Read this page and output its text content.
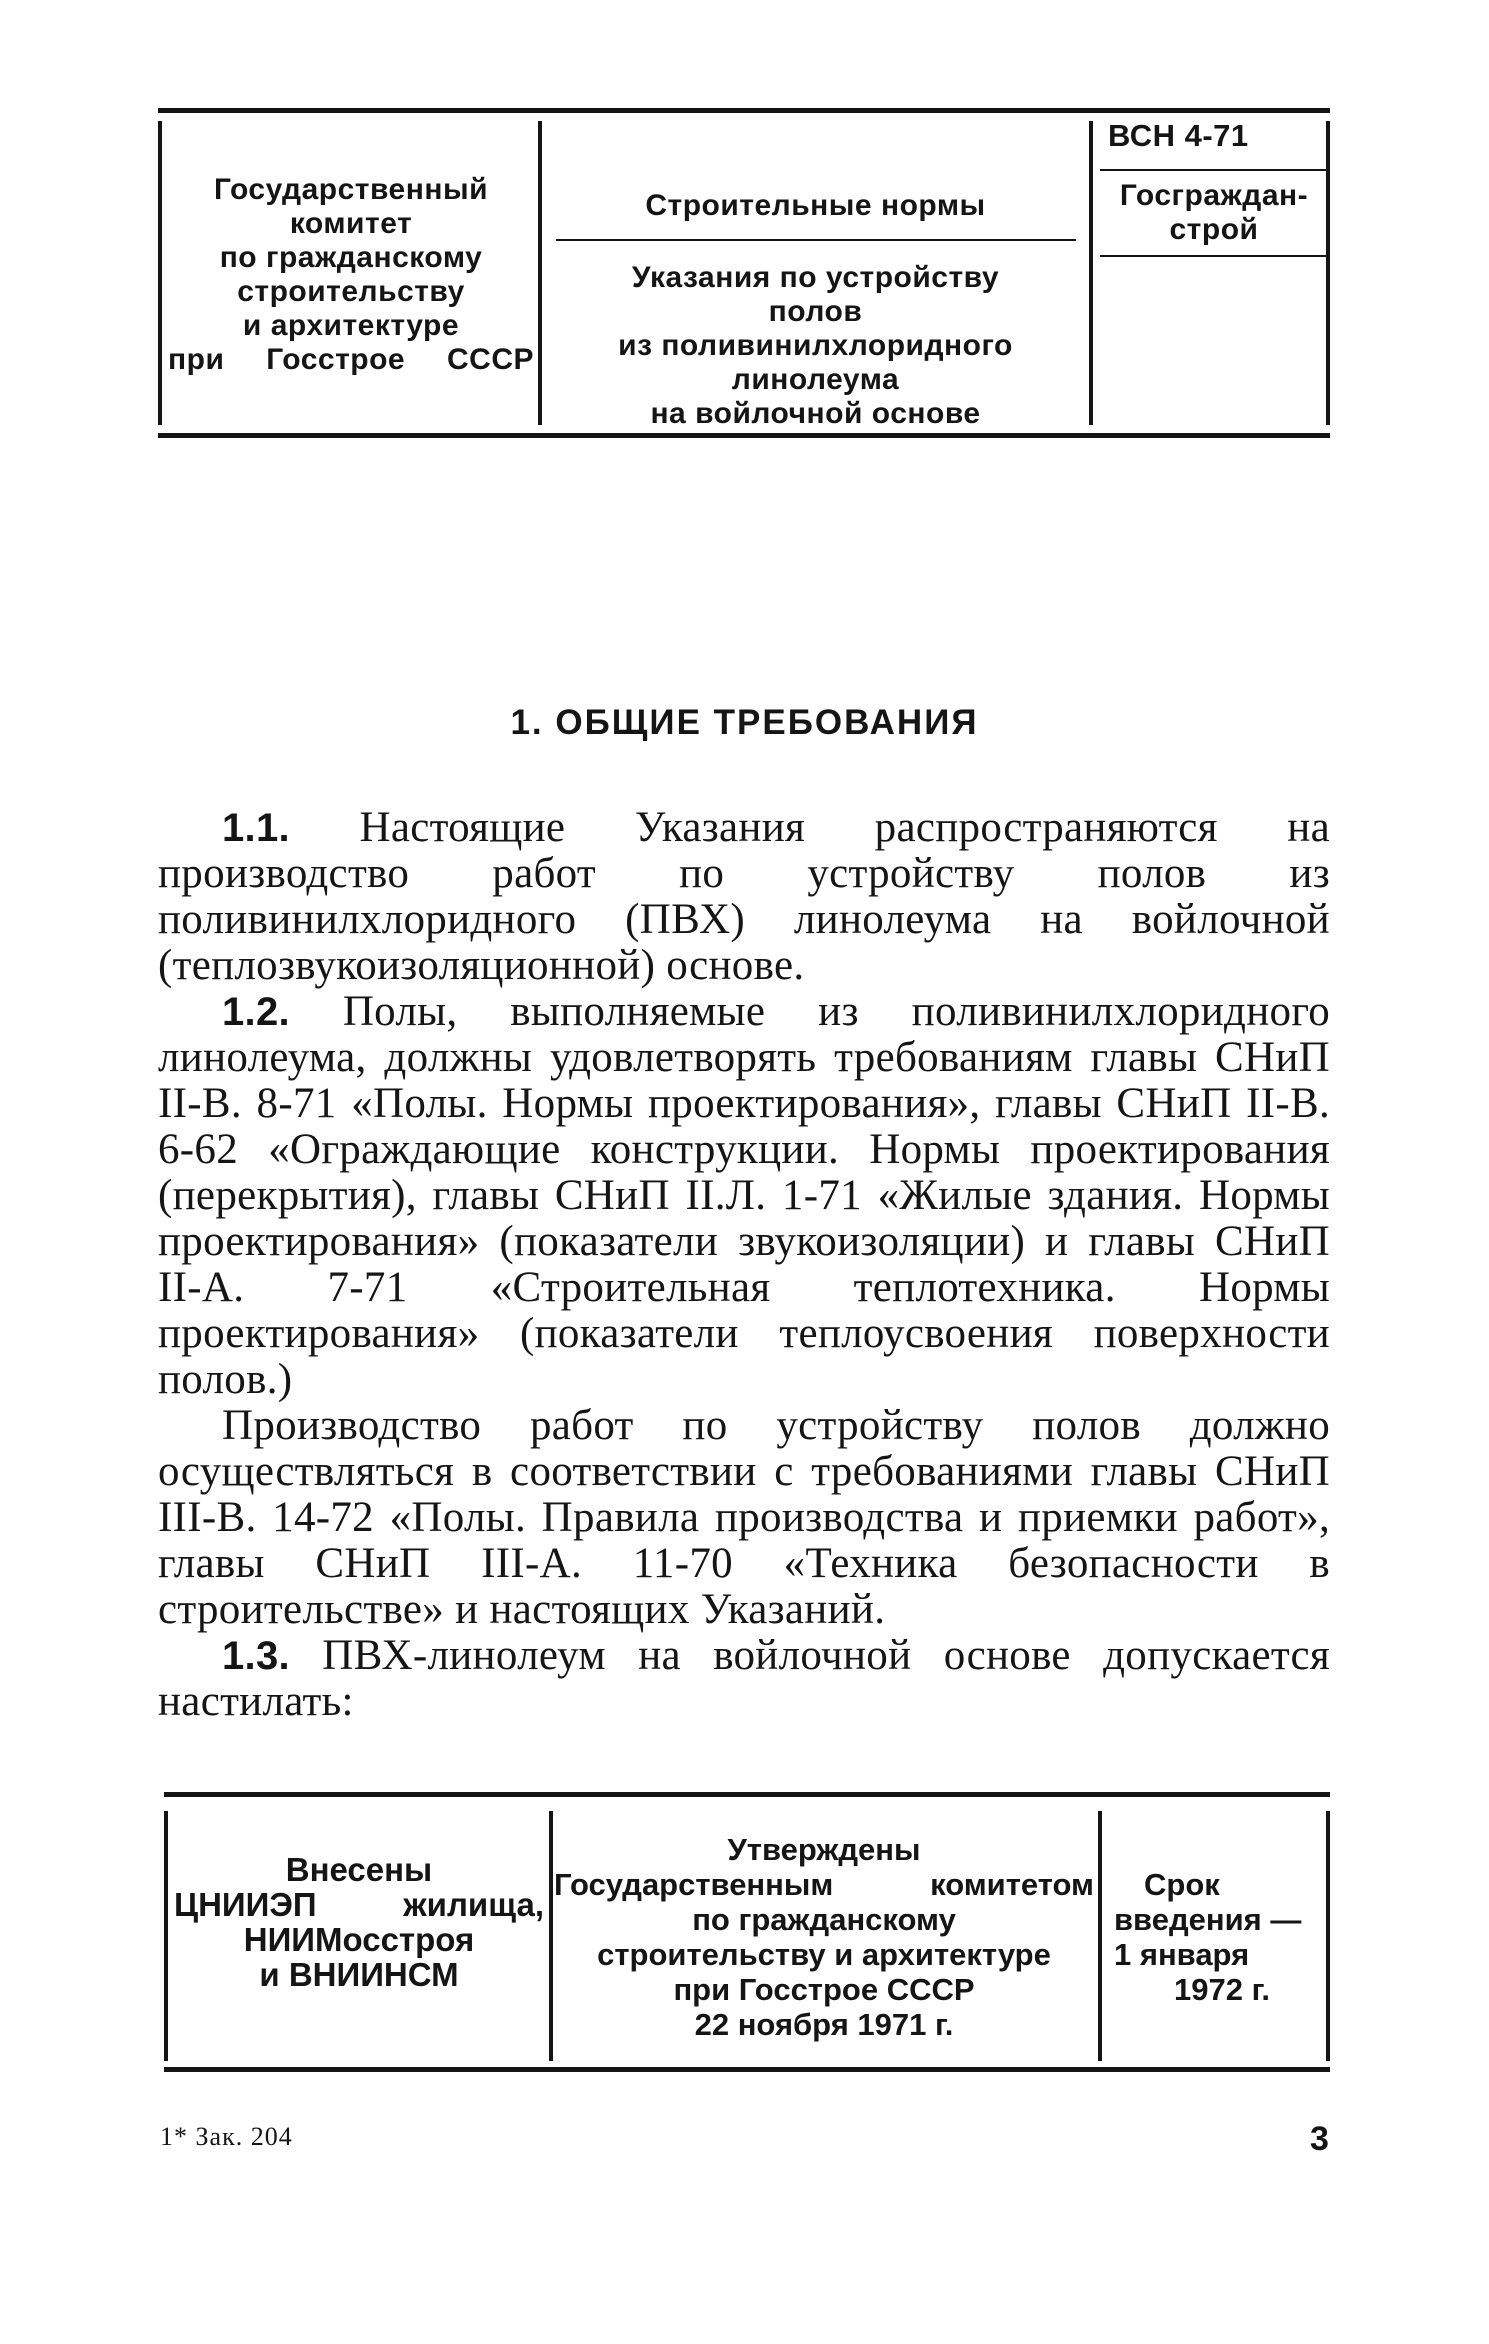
Государственный
комитет
по гражданскому
строительству
и архитектуре
при Госстрое СССР
Строительные нормы
Указания по устройству
полов
из поливинилхлоридного
линолеума
на войлочной основе
ВСН 4-71
Госграждан-
строй
1. ОБЩИЕ ТРЕБОВАНИЯ

1.1. Настоящие Указания распространяются на производство работ по устройству полов из поливинилхлоридного (ПВХ) линолеума на войлочной (теплозвукоизоляционной) основе.

1.2. Полы, выполняемые из поливинилхлоридного линолеума, должны удовлетворять требованиям главы СНиП II-В. 8-71 «Полы. Нормы проектирования», главы СНиП II-В. 6-62 «Ограждающие конструкции. Нормы проектирования (перекрытия), главы СНиП II.Л. 1-71 «Жилые здания. Нормы проектирования» (показатели звукоизоляции) и главы СНиП II-А. 7-71 «Строительная теплотехника. Нормы проектирования» (показатели теплоусвоения поверхности полов.)

Производство работ по устройству полов должно осуществляться в соответствии с требованиями главы СНиП III-В. 14-72 «Полы. Правила производства и приемки работ», главы СНиП III-А. 11-70 «Техника безопасности в строительстве» и настоящих Указаний.

1.3. ПВХ-линолеум на войлочной основе допускается настилать:

Внесены
ЦНИИЭП жилища,
НИИМосстроя
и ВНИИНСМ
Утверждены
Государственным комитетом
по гражданскому
строительству и архитектуре
при Госстрое СССР
22 ноября 1971 г.
Срок
введения —
1 января
1972 г.
1* Зак. 204	3
